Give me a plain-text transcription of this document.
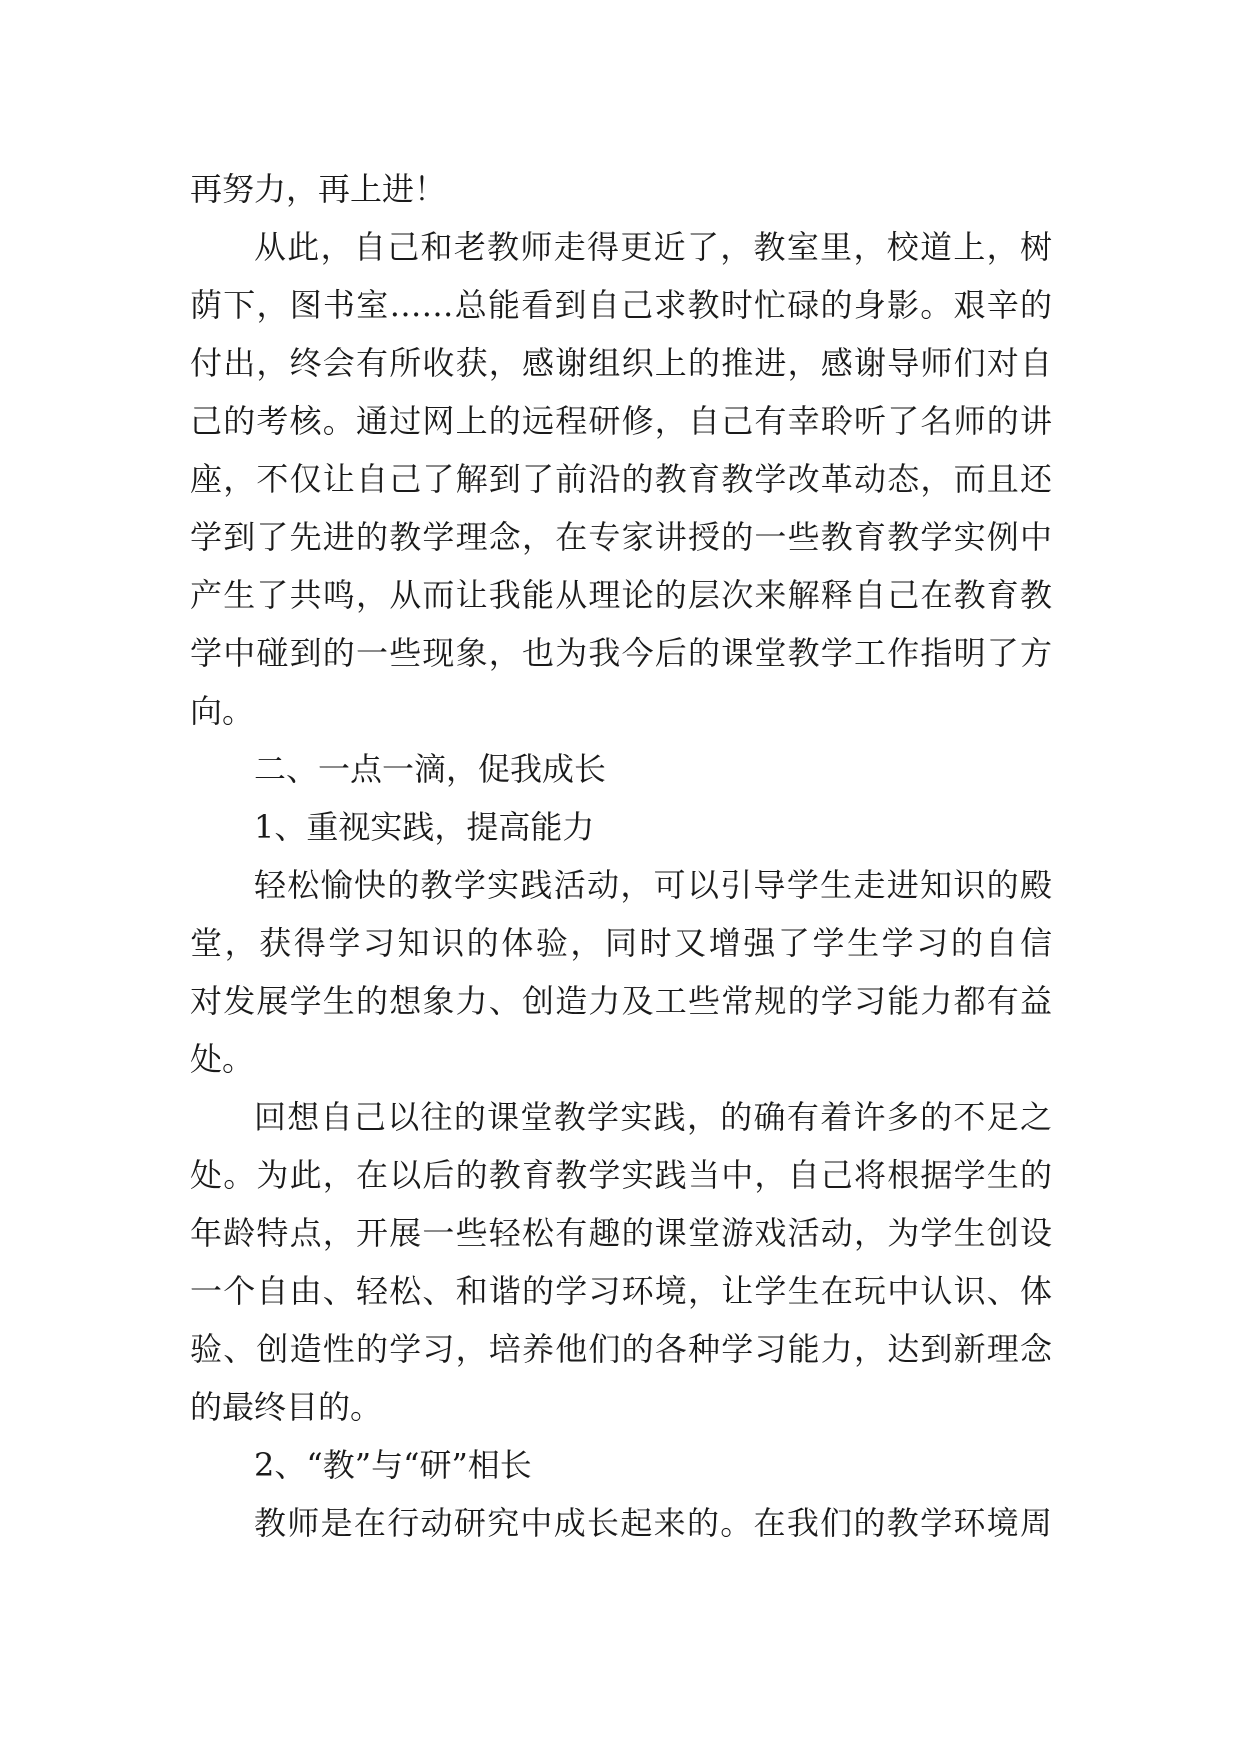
再努力，再上进！
从此，自己和老教师走得更近了，教室里，校道上，树
荫下，图书室……总能看到自己求教时忙碌的身影。艰辛的
付出，终会有所收获，感谢组织上的推进，感谢导师们对自
己的考核。通过网上的远程研修，自己有幸聆听了名师的讲
座，不仅让自己了解到了前沿的教育教学改革动态，而且还
学到了先进的教学理念，在专家讲授的一些教育教学实例中
产生了共鸣，从而让我能从理论的层次来解释自己在教育教
学中碰到的一些现象，也为我今后的课堂教学工作指明了方
向。
二、一点一滴，促我成长
1、重视实践，提高能力
轻松愉快的教学实践活动，可以引导学生走进知识的殿
堂，获得学习知识的体验，同时又增强了学生学习的自信
对发展学生的想象力、创造力及工些常规的学习能力都有益
处。
回想自己以往的课堂教学实践，的确有着许多的不足之
处。为此，在以后的教育教学实践当中，自己将根据学生的
年龄特点，开展一些轻松有趣的课堂游戏活动，为学生创设
一个自由、轻松、和谐的学习环境，让学生在玩中认识、体
验、创造性的学习，培养他们的各种学习能力，达到新理念
的最终目的。
2、“教”与“研”相长
教师是在行动研究中成长起来的。在我们的教学环境周
